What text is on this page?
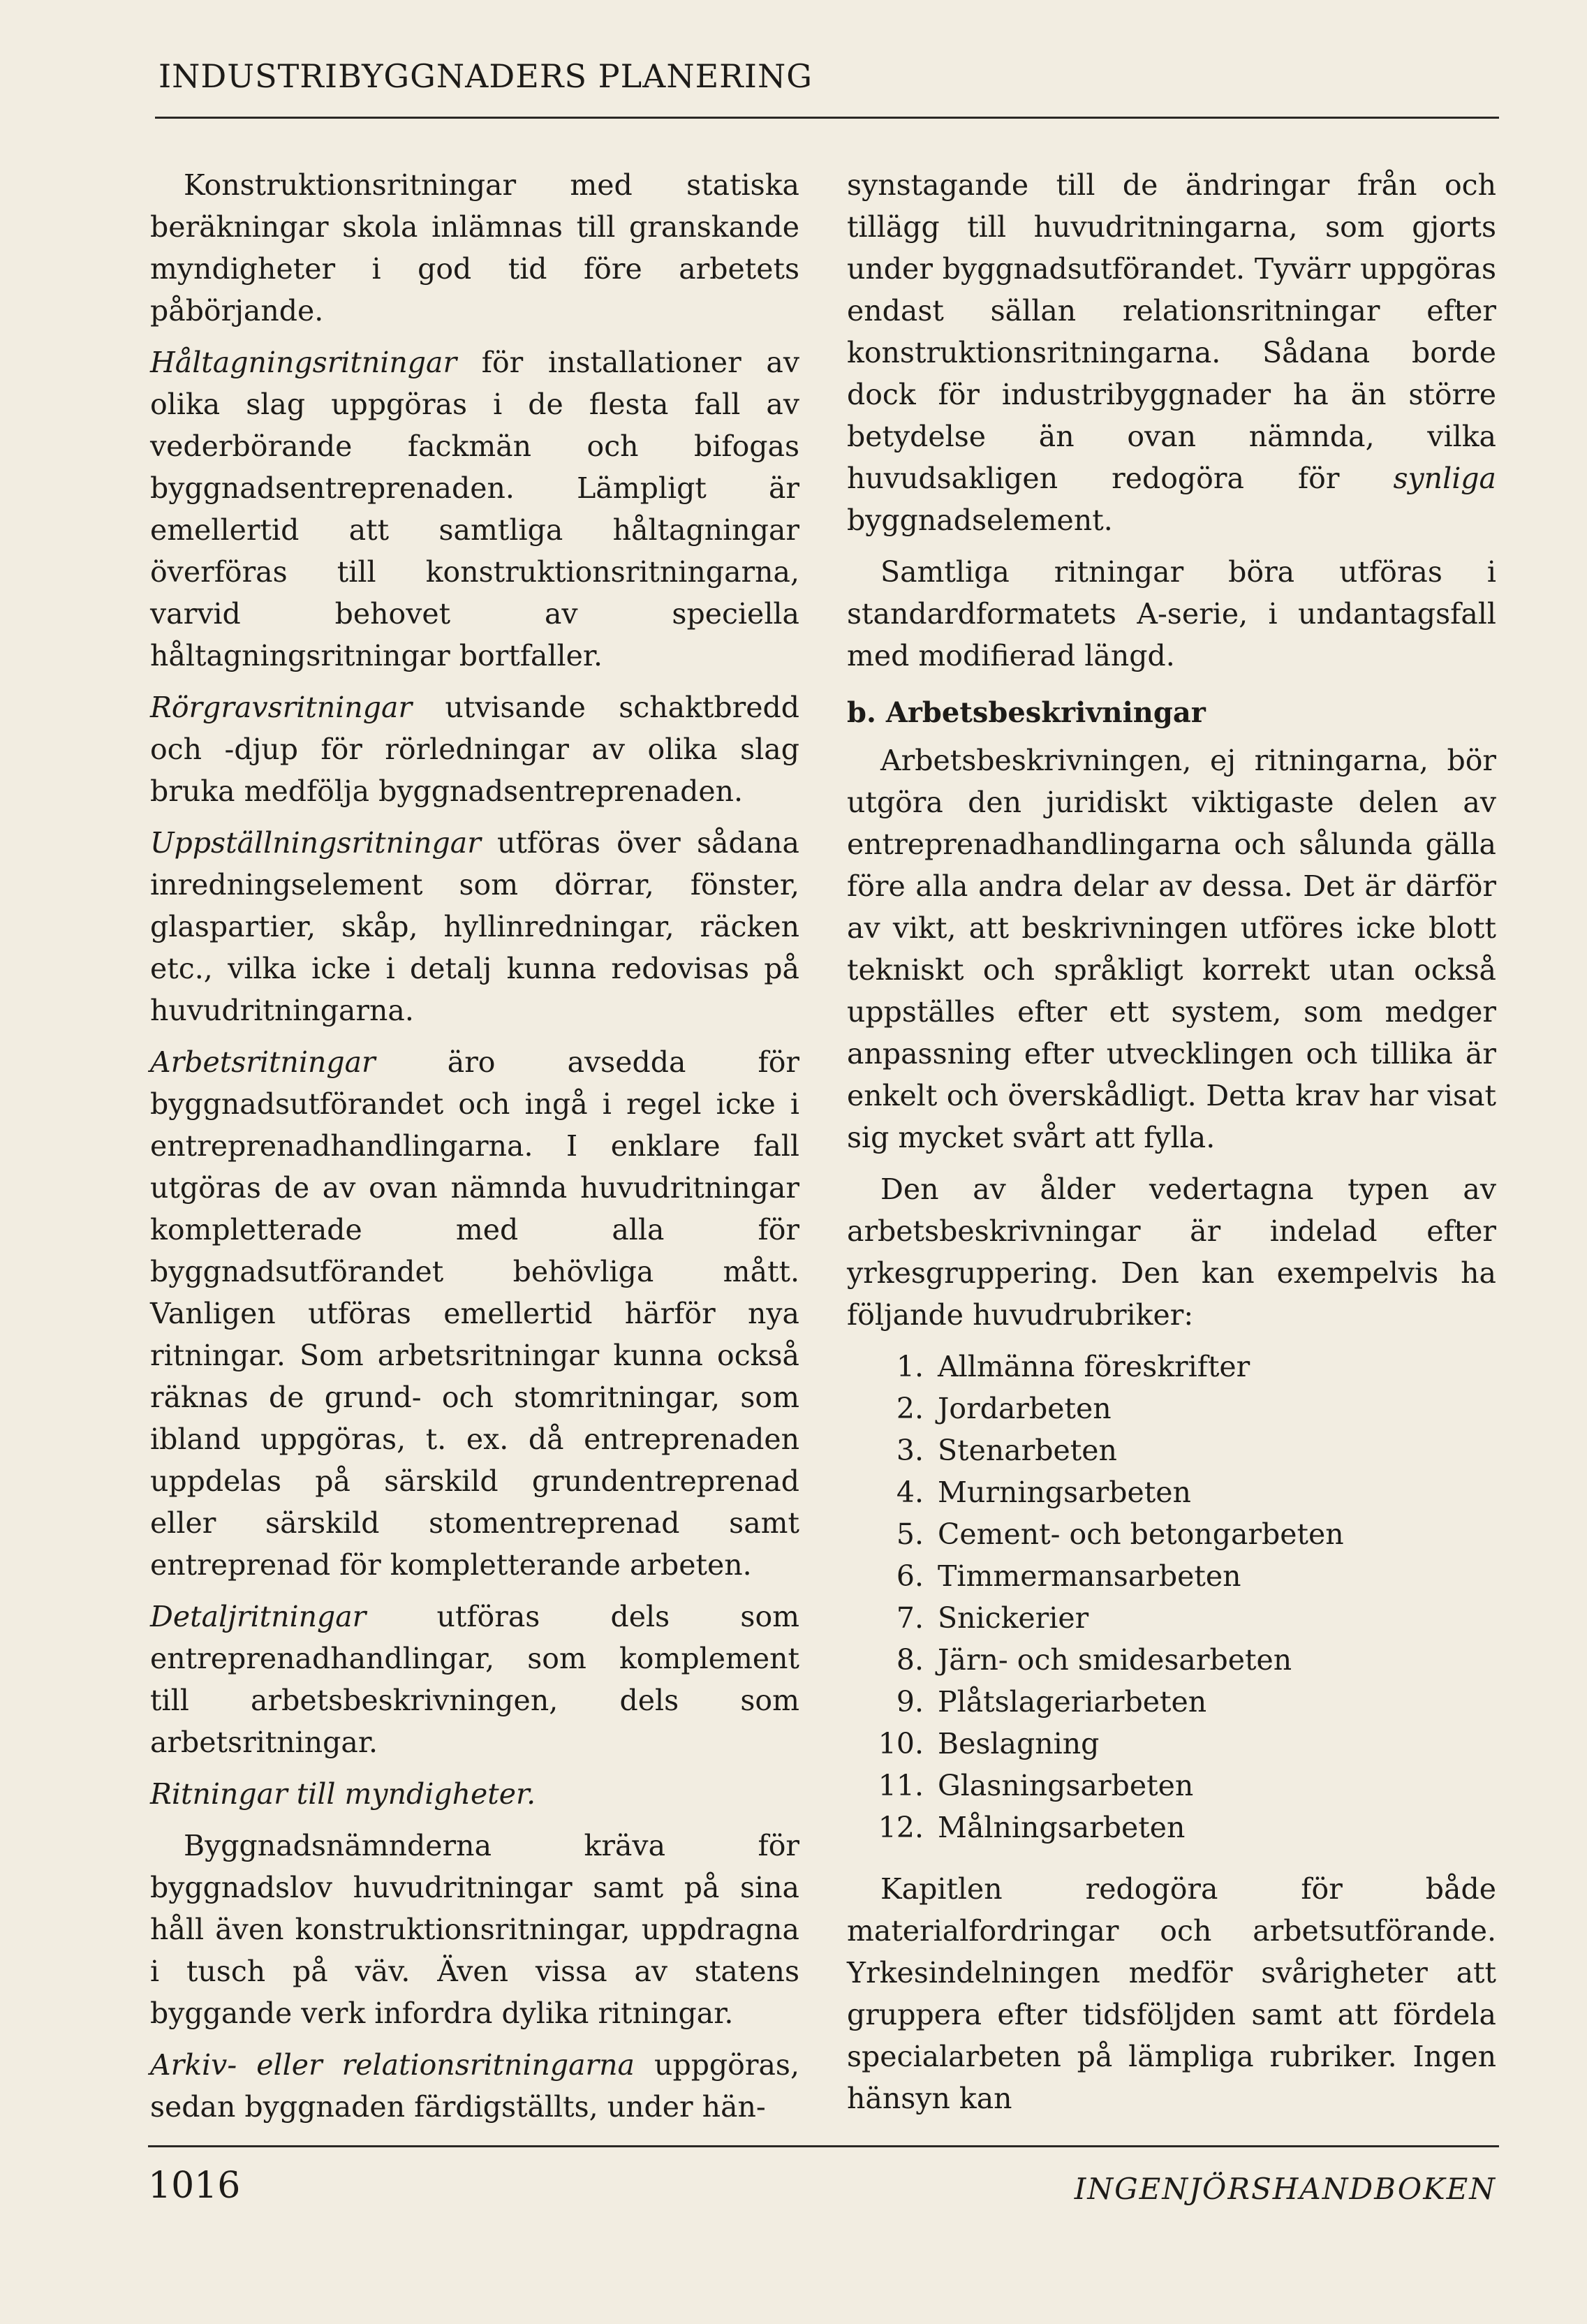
INDUSTRIBYGGNADERS PLANERING

Konstruktionsritningar med statiska beräkningar skola inlämnas till granskande myndigheter i god tid före arbetets påbörjande.

Håltagningsritningar för installationer av olika slag uppgöras i de flesta fall av vederbörande fackmän och bifogas byggnadsentreprenaden. Lämpligt är emellertid att samtliga håltagningar överföras till konstruktionsritningarna, varvid behovet av speciella håltagningsritningar bortfaller.

Rörgravsritningar utvisande schaktbredd och -djup för rörledningar av olika slag bruka medfölja byggnadsentreprenaden.

Uppställningsritningar utföras över sådana inredningselement som dörrar, fönster, glaspartier, skåp, hyllinredningar, räcken etc., vilka icke i detalj kunna redovisas på huvudritningarna.

Arbetsritningar äro avsedda för byggnadsutförandet och ingå i regel icke i entreprenadhandlingarna. I enklare fall utgöras de av ovan nämnda huvudritningar kompletterade med alla för byggnadsutförandet behövliga mått. Vanligen utföras emellertid härför nya ritningar. Som arbetsritningar kunna också räknas de grund- och stomritningar, som ibland uppgöras, t. ex. då entreprenaden uppdelas på särskild grundentreprenad eller särskild stomentreprenad samt entreprenad för kompletterande arbeten.

Detaljritningar utföras dels som entreprenadhandlingar, som komplement till arbetsbeskrivningen, dels som arbetsritningar.

Ritningar till myndigheter.

Byggnadsnämnderna kräva för byggnadslov huvudritningar samt på sina håll även konstruktionsritningar, uppdragna i tusch på väv. Även vissa av statens byggande verk infordra dylika ritningar.

Arkiv- eller relationsritningarna uppgöras, sedan byggnaden färdigställts, under hän-

synstagande till de ändringar från och tillägg till huvudritningarna, som gjorts under byggnadsutförandet. Tyvärr uppgöras endast sällan relationsritningar efter konstruktionsritningarna. Sådana borde dock för industribyggnader ha än större betydelse än ovan nämnda, vilka huvudsakligen redogöra för synliga byggnadselement.

Samtliga ritningar böra utföras i standardformatets A-serie, i undantagsfall med modifierad längd.

b. Arbetsbeskrivningar

Arbetsbeskrivningen, ej ritningarna, bör utgöra den juridiskt viktigaste delen av entreprenadhandlingarna och sålunda gälla före alla andra delar av dessa. Det är därför av vikt, att beskrivningen utföres icke blott tekniskt och språkligt korrekt utan också uppställes efter ett system, som medger anpassning efter utvecklingen och tillika är enkelt och överskådligt. Detta krav har visat sig mycket svårt att fylla.

Den av ålder vedertagna typen av arbetsbeskrivningar är indelad efter yrkesgruppering. Den kan exempelvis ha följande huvudrubriker:

1. Allmänna föreskrifter
2. Jordarbeten
3. Stenarbeten
4. Murningsarbeten
5. Cement- och betongarbeten
6. Timmermansarbeten
7. Snickerier
8. Järn- och smidesarbeten
9. Plåtslageriarbeten
10. Beslagning
11. Glasningsarbeten
12. Målningsarbeten

Kapitlen redogöra för både materialfordringar och arbetsutförande. Yrkesindelningen medför svårigheter att gruppera efter tidsföljden samt att fördela specialarbeten på lämpliga rubriker. Ingen hänsyn kan

1016	INGENJÖRSHANDBOKEN
